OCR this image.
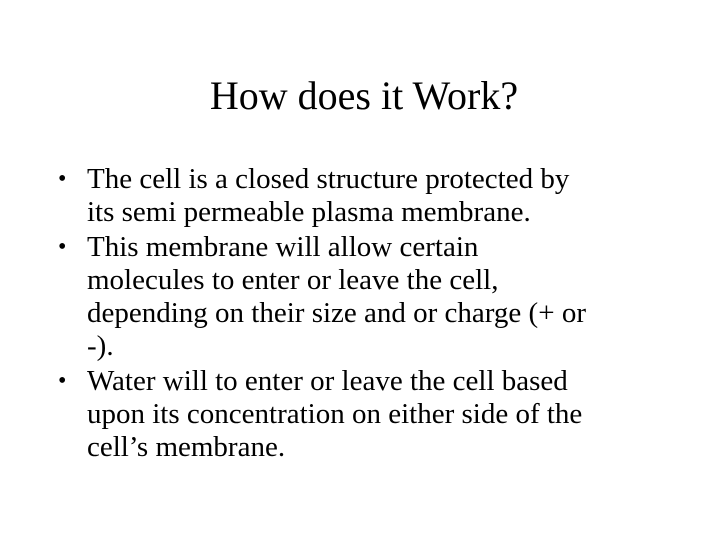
How does it Work?
• The cell is a closed structure protected by
its semi permeable plasma membrane.
• This membrane will allow certain
molecules to enter or leave the cell,
depending on their size and or charge (+ or
-).
• Water will to enter or leave the cell based
upon its concentration on either side of the
cell’s membrane.
